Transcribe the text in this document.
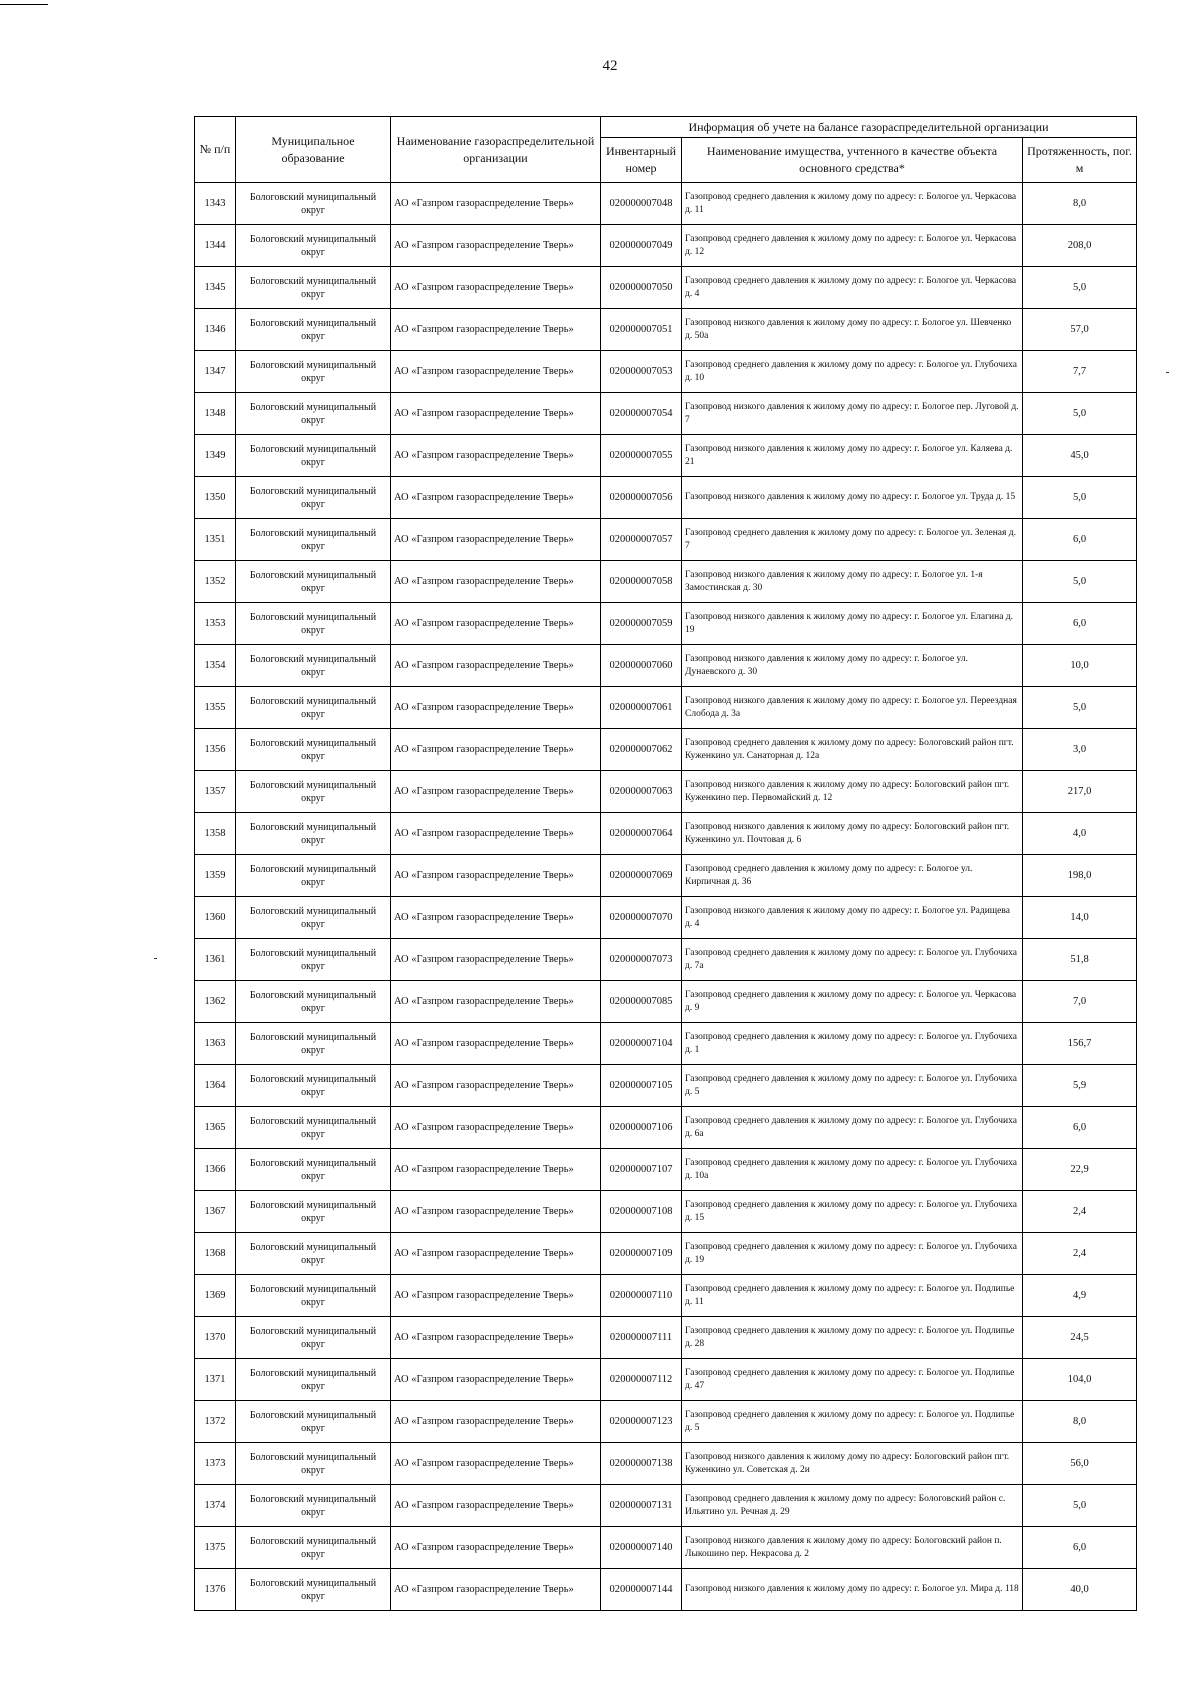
42
№ п/п	Муниципальное образование	Наименование газораспределительной организации	Информация об учете на балансе газораспределительной организации		
			Инвентарный номер	Наименование имущества, учтенного в качестве объекта основного средства*	Протяженность, пог. м
1343	Бологовский муниципальный округ	АО «Газпром газораспределение Тверь»	020000007048	Газопровод среднего давления к жилому дому по адресу: г. Бологое ул. Черкасова д. 11	8,0
1344	Бологовский муниципальный округ	АО «Газпром газораспределение Тверь»	020000007049	Газопровод среднего давления к жилому дому по адресу: г. Бологое ул. Черкасова д. 12	208,0
1345	Бологовский муниципальный округ	АО «Газпром газораспределение Тверь»	020000007050	Газопровод среднего давления к жилому дому по адресу: г. Бологое ул. Черкасова д. 4	5,0
1346	Бологовский муниципальный округ	АО «Газпром газораспределение Тверь»	020000007051	Газопровод низкого давления к жилому дому по адресу: г. Бологое ул. Шевченко д. 50а	57,0
1347	Бологовский муниципальный округ	АО «Газпром газораспределение Тверь»	020000007053	Газопровод среднего давления к жилому дому по адресу: г. Бологое ул. Глубочиха д. 10	7,7
1348	Бологовский муниципальный округ	АО «Газпром газораспределение Тверь»	020000007054	Газопровод низкого давления к жилому дому по адресу: г. Бологое пер. Луговой д. 7	5,0
1349	Бологовский муниципальный округ	АО «Газпром газораспределение Тверь»	020000007055	Газопровод низкого давления к жилому дому по адресу: г. Бологое ул. Каляева д. 21	45,0
1350	Бологовский муниципальный округ	АО «Газпром газораспределение Тверь»	020000007056	Газопровод низкого давления к жилому дому по адресу: г. Бологое ул. Труда д. 15	5,0
1351	Бологовский муниципальный округ	АО «Газпром газораспределение Тверь»	020000007057	Газопровод среднего давления к жилому дому по адресу: г. Бологое ул. Зеленая д. 7	6,0
1352	Бологовский муниципальный округ	АО «Газпром газораспределение Тверь»	020000007058	Газопровод низкого давления к жилому дому по адресу: г. Бологое ул. 1-я Замостинская д. 30	5,0
1353	Бологовский муниципальный округ	АО «Газпром газораспределение Тверь»	020000007059	Газопровод низкого давления к жилому дому по адресу: г. Бологое ул. Елагина д. 19	6,0
1354	Бологовский муниципальный округ	АО «Газпром газораспределение Тверь»	020000007060	Газопровод низкого давления к жилому дому по адресу: г. Бологое ул. Дунаевского д. 30	10,0
1355	Бологовский муниципальный округ	АО «Газпром газораспределение Тверь»	020000007061	Газопровод низкого давления к жилому дому по адресу: г. Бологое ул. Переездная Слобода д. 3а	5,0
1356	Бологовский муниципальный округ	АО «Газпром газораспределение Тверь»	020000007062	Газопровод среднего давления к жилому дому по адресу: Бологовский район пгт. Куженкино ул. Санаторная д. 12а	3,0
1357	Бологовский муниципальный округ	АО «Газпром газораспределение Тверь»	020000007063	Газопровод низкого давления к жилому дому по адресу: Бологовский район пгт. Куженкино пер. Первомайский д. 12	217,0
1358	Бологовский муниципальный округ	АО «Газпром газораспределение Тверь»	020000007064	Газопровод низкого давления к жилому дому по адресу: Бологовский район пгт. Куженкино ул. Почтовая д. 6	4,0
1359	Бологовский муниципальный округ	АО «Газпром газораспределение Тверь»	020000007069	Газопровод среднего давления к жилому дому по адресу: г. Бологое ул. Кирпичная д. 36	198,0
1360	Бологовский муниципальный округ	АО «Газпром газораспределение Тверь»	020000007070	Газопровод низкого давления к жилому дому по адресу: г. Бологое ул. Радищева д. 4	14,0
1361	Бологовский муниципальный округ	АО «Газпром газораспределение Тверь»	020000007073	Газопровод среднего давления к жилому дому по адресу: г. Бологое ул. Глубочиха д. 7а	51,8
1362	Бологовский муниципальный округ	АО «Газпром газораспределение Тверь»	020000007085	Газопровод среднего давления к жилому дому по адресу: г. Бологое ул. Черкасова д. 9	7,0
1363	Бологовский муниципальный округ	АО «Газпром газораспределение Тверь»	020000007104	Газопровод среднего давления к жилому дому по адресу: г. Бологое ул. Глубочиха д. 1	156,7
1364	Бологовский муниципальный округ	АО «Газпром газораспределение Тверь»	020000007105	Газопровод среднего давления к жилому дому по адресу: г. Бологое ул. Глубочиха д. 5	5,9
1365	Бологовский муниципальный округ	АО «Газпром газораспределение Тверь»	020000007106	Газопровод среднего давления к жилому дому по адресу: г. Бологое ул. Глубочиха д. 6а	6,0
1366	Бологовский муниципальный округ	АО «Газпром газораспределение Тверь»	020000007107	Газопровод среднего давления к жилому дому по адресу: г. Бологое ул. Глубочиха д. 10а	22,9
1367	Бологовский муниципальный округ	АО «Газпром газораспределение Тверь»	020000007108	Газопровод среднего давления к жилому дому по адресу: г. Бологое ул. Глубочиха д. 15	2,4
1368	Бологовский муниципальный округ	АО «Газпром газораспределение Тверь»	020000007109	Газопровод среднего давления к жилому дому по адресу: г. Бологое ул. Глубочиха д. 19	2,4
1369	Бологовский муниципальный округ	АО «Газпром газораспределение Тверь»	020000007110	Газопровод среднего давления к жилому дому по адресу: г. Бологое ул. Подлипье д. 11	4,9
1370	Бологовский муниципальный округ	АО «Газпром газораспределение Тверь»	020000007111	Газопровод среднего давления к жилому дому по адресу: г. Бологое ул. Подлипье д. 28	24,5
1371	Бологовский муниципальный округ	АО «Газпром газораспределение Тверь»	020000007112	Газопровод среднего давления к жилому дому по адресу: г. Бологое ул. Подлипье д. 47	104,0
1372	Бологовский муниципальный округ	АО «Газпром газораспределение Тверь»	020000007123	Газопровод среднего давления к жилому дому по адресу: г. Бологое ул. Подлипье д. 5	8,0
1373	Бологовский муниципальный округ	АО «Газпром газораспределение Тверь»	020000007138	Газопровод низкого давления к жилому дому по адресу: Бологовский район пгт. Куженкино ул. Советская д. 2и	56,0
1374	Бологовский муниципальный округ	АО «Газпром газораспределение Тверь»	020000007131	Газопровод среднего давления к жилому дому по адресу: Бологовский район с. Ильятино ул. Речная д. 29	5,0
1375	Бологовский муниципальный округ	АО «Газпром газораспределение Тверь»	020000007140	Газопровод низкого давления к жилому дому по адресу: Бологовский район п. Лыкошино пер. Некрасова д. 2	6,0
1376	Бологовский муниципальный округ	АО «Газпром газораспределение Тверь»	020000007144	Газопровод низкого давления к жилому дому по адресу: г. Бологое ул. Мира д. 118	40,0
